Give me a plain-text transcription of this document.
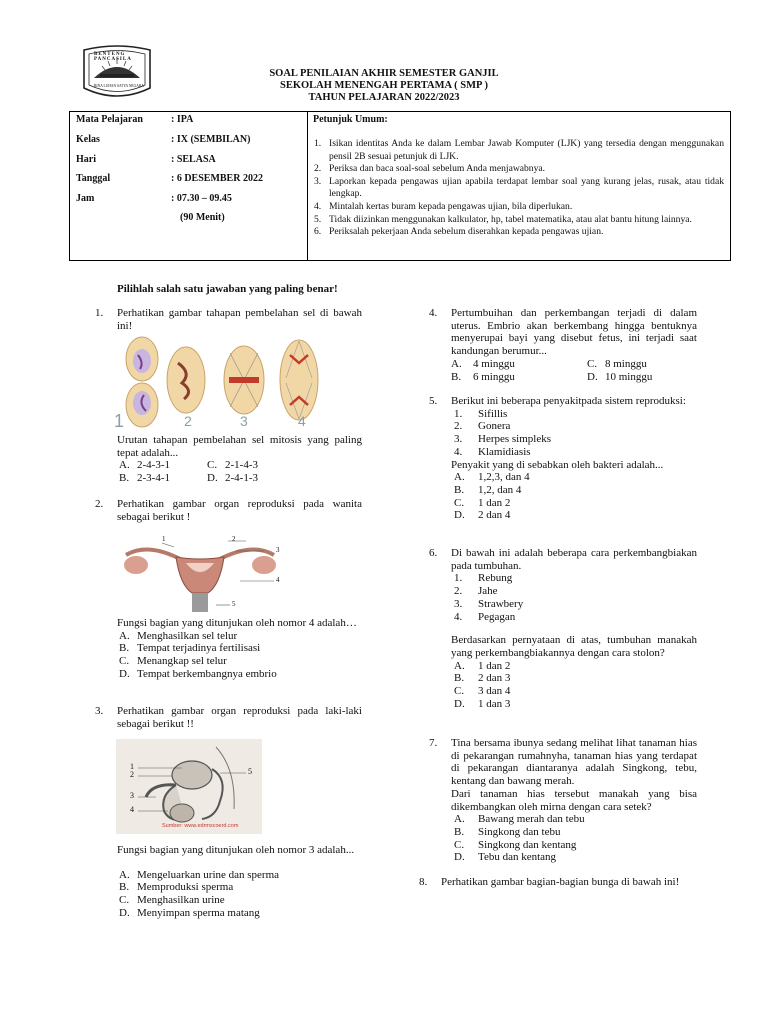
BENTENG PANCASILA
BINA LUHAN SATYA NEGARA
SOAL PENILAIAN AKHIR SEMESTER GANJIL
SEKOLAH MENENGAH PERTAMA ( SMP )
TAHUN PELAJARAN 2022/2023
Mata Pelajaran	: IPA
Kelas	: IX (SEMBILAN)
Hari	: SELASA
Tanggal	: 6 DESEMBER 2022
Jam	: 07.30 – 09.45
(90 Menit)

Petunjuk Umum:
1. Isikan identitas Anda ke dalam Lembar Jawab Komputer (LJK) yang tersedia dengan menggunakan pensil 2B sesuai petunjuk di LJK.
2. Periksa dan baca soal-soal sebelum Anda menjawabnya.
3. Laporkan kepada pengawas ujian apabila terdapat lembar soal yang kurang jelas, rusak, atau tidak lengkap.
4. Mintalah kertas buram kepada pengawas ujian, bila diperlukan.
5. Tidak diizinkan menggunakan kalkulator, hp, tabel matematika, atau alat bantu hitung lainnya.
6. Periksalah pekerjaan Anda sebelum diserahkan kepada pengawas ujian.
Pilihlah salah satu jawaban yang paling benar!
1. Perhatikan gambar tahapan pembelahan sel di bawah ini!

1	2	3	4

Urutan tahapan pembelahan sel mitosis yang paling tepat adalah...

A. 2-4-3-1	C. 2-1-4-3
B. 2-3-4-1	D. 2-4-1-3
2. Perhatikan gambar organ reproduksi pada wanita sebagai berikut !

1	2
3
4
5

Fungsi bagian yang ditunjukan oleh nomor 4 adalah…

A. Menghasilkan sel telur
B. Tempat terjadinya fertilisasi
C. Menangkap sel telur
D. Tempat berkembangnya embrio
3. Perhatikan gambar organ reproduksi pada laki-laki sebagai berikut !!

1
2
3
4
5
Sumber: www.edrmscoerd.com

Fungsi bagian yang ditunjukan oleh nomor 3 adalah...

A. Mengeluarkan urine dan sperma
B. Memproduksi sperma
C. Menghasilkan urine
D. Menyimpan sperma matang
4. Pertumbuihan dan perkembangan terjadi di dalam uterus. Embrio akan berkembang hingga bentuknya menyerupai bayi yang disebut fetus, ini terjadi saat kandungan berumur...

A. 4 minggu	C. 8 minggu
B. 6 minggu	D. 10 minggu
5. Berikut ini beberapa penyakitpada sistem reproduksi:

1. Sifillis
2. Gonera
3. Herpes simpleks
4. Klamidiasis

Penyakit yang di sebabkan oleh bakteri adalah...

A. 1,2,3, dan 4
B. 1,2, dan 4
C. 1 dan 2
D. 2 dan 4
6. Di bawah ini adalah beberapa cara perkembangbiakan pada tumbuhan.

1. Rebung
2. Jahe
3. Strawbery
4. Pegagan

Berdasarkan pernyataan di atas, tumbuhan manakah yang perkembangbiakannya dengan cara stolon?

A. 1 dan 2
B. 2 dan 3
C. 3 dan 4
D. 1 dan 3
7. Tina bersama ibunya sedang melihat lihat tanaman hias di pekarangan rumahnyha, tanaman hias yang terdapat di pekarangan diantaranya adalah Singkong, tebu, kentang dan bawang merah.

Dari tanaman hias tersebut manakah yang bisa dikembangkan oleh mirna dengan cara setek?

A. Bawang merah dan tebu
B. Singkong dan tebu
C. Singkong dan kentang
D. Tebu dan kentang
8. Perhatikan gambar bagian-bagian bunga di bawah ini!
